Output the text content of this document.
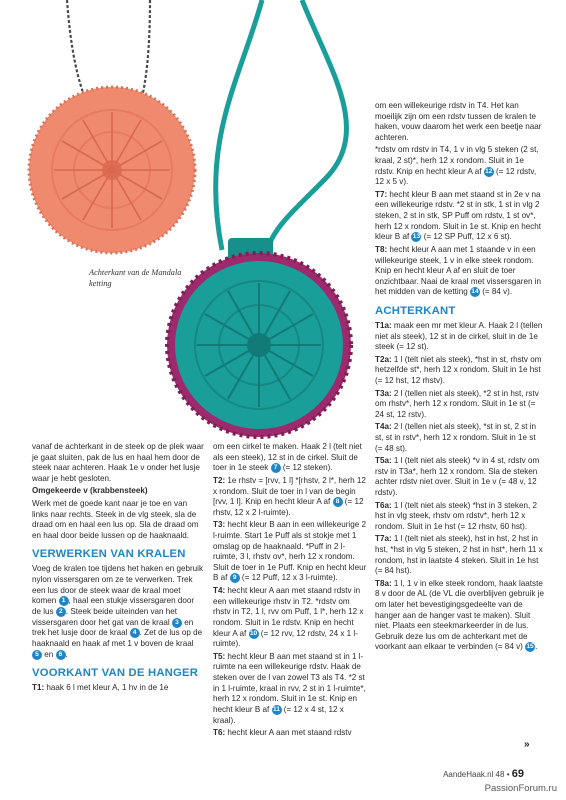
Achterkant van de Mandala ketting

vanaf de achterkant in de steek op de plek waar je gaat sluiten, pak de lus en haal hem door de steek naar achteren. Haak 1e v onder het lusje waar je hebt gesloten.

Omgekeerde v (krabbensteek)

Werk met de goede kant naar je toe en van links naar rechts. Steek in de vlg steek, sla de draad om en haal een lus op. Sla de draad om en haal door beide lussen op de haaknaald.

VERWERKEN VAN KRALEN

Voeg de kralen toe tijdens het haken en gebruik nylon vissersgaren om ze te verwerken. Trek een lus door de steek waar de kraal moet komen 1 , haal een stukje vissersgaren door de lus 2 . Steek beide uiteinden van het vissersgaren door het gat van de kraal 3 en trek het lusje door de kraal 4 . Zet de lus op de haaknaald en haak af met 1 v boven de kraal 5 en 6 .

VOORKANT VAN DE HANGER

T1: haak 6 l met kleur A, 1 hv in de 1e

om een cirkel te maken. Haak 2 l (telt niet als een steek), 12 st in de cirkel. Sluit de toer in 1e steek 7 (= 12 steken).

T2: 1e rhstv = [rvv, 1 l] *[rhstv, 2 l*, herh 12 x rondom. Sluit de toer in l van de begin [rvv, 1 l]. Knip en hecht kleur A af 8 (= 12 rhstv, 12 x 2 l-ruimte).

T3: hecht kleur B aan in een willekeurige 2 l-ruimte. Start 1e Puff als st stokje met 1 omslag op de haaknaald. *Puff in 2 l-ruimte, 3 l, rhstv ov*, herh 12 x rondom. Sluit de toer in 1e Puff. Knip en hecht kleur B af 9 (= 12 Puff, 12 x 3 l-ruimte).

T4: hecht kleur A aan met staand rdstv in een willekeurige rhstv in T2. *rdstv om rhstv in T2, 1 l, rvv om Puff, 1 l*, herh 12 x rondom. Sluit in 1e rdstv. Knip en hecht kleur A af 10 (= 12 rvv, 12 rdstv, 24 x 1 l-ruimte).

T5: hecht kleur B aan met staand st in 1 l-ruimte na een willekeurige rdstv. Haak de steken over de l van zowel T3 als T4. *2 st in 1 l-ruimte, kraal in rvv, 2 st in 1 l-ruimte*, herh 12 x rondom. Sluit in 1e st. Knip en hecht kleur B af 11 (= 12 x 4 st, 12 x kraal).

T6: hecht kleur A aan met staand rdstv

om een willekeurige rdstv in T4. Het kan moeilijk zijn om een rdstv tussen de kralen te haken, vouw daarom het werk een beetje naar achteren.

*rdstv om rdstv in T4, 1 v in vlg 5 steken (2 st, kraal, 2 st)*, herh 12 x rondom. Sluit in 1e rdstv. Knip en hecht kleur A af 12 (= 12 rdstv, 12 x 5 v).

T7: hecht kleur B aan met staand st in 2e v na een willekeurige rdstv. *2 st in stk, 1 st in vlg 2 steken, 2 st in stk, SP Puff om rdstv, 1 st ov*, herh 12 x rondom. Sluit in 1e st. Knip en hecht kleur B af 13 (= 12 SP Puff, 12 x 6 st).

T8: hecht kleur A aan met 1 staande v in een willekeurige steek, 1 v in elke steek rondom. Knip en hecht kleur A af en sluit de toer onzichtbaar. Naai de kraal met vissersgaren in het midden van de ketting 14 (= 84 v).

ACHTERKANT

T1a: maak een mr met kleur A. Haak 2 l (tellen niet als steek), 12 st in de cirkel, sluit in de 1e steek (= 12 st).

T2a: 1 l (telt niet als steek), *hst in st, rhstv om hetzelfde st*, herh 12 x rondom. Sluit in 1e hst (= 12 hst, 12 rhstv).

T3a: 2 l (tellen niet als steek), *2 st in hst, rstv om rhstv*, herh 12 x rondom. Sluit in 1e st (= 24 st, 12 rstv).

T4a: 2 l (tellen niet als steek), *st in st, 2 st in st, st in rstv*, herh 12 x rondom. Sluit in 1e st (= 48 st).

T5a: 1 l (telt niet als steek) *v in 4 st, rdstv om rstv in T3a*, herh 12 x rondom. Sla de steken achter rdstv niet over. Sluit in 1e v (= 48 v, 12 rdstv).

T6a: 1 l (telt niet als steek) *hst in 3 steken, 2 hst in vlg steek, rhstv om rdstv*, herh 12 x rondom. Sluit in 1e hst (= 12 rhstv, 60 hst).

T7a: 1 l (telt niet als steek), hst in hst, 2 hst in hst, *hst in vlg 5 steken, 2 hst in hst*, herh 11 x rondom, hst in laatste 4 steken. Sluit in 1e hst (= 84 hst).

T8a: 1 l, 1 v in elke steek rondom, haak laatste 8 v door de AL (de VL die overblijven gebruik je om later het bevestigingsgedeelte van de hanger aan de hanger vast te maken). Sluit niet. Plaats een steekmarkeerder in de lus. Gebruik deze lus om de achterkant met de voorkant aan elkaar te verbinden (= 84 v) 15.

»
AandeHaak.nl 48 • 69
PassionForum.ru
